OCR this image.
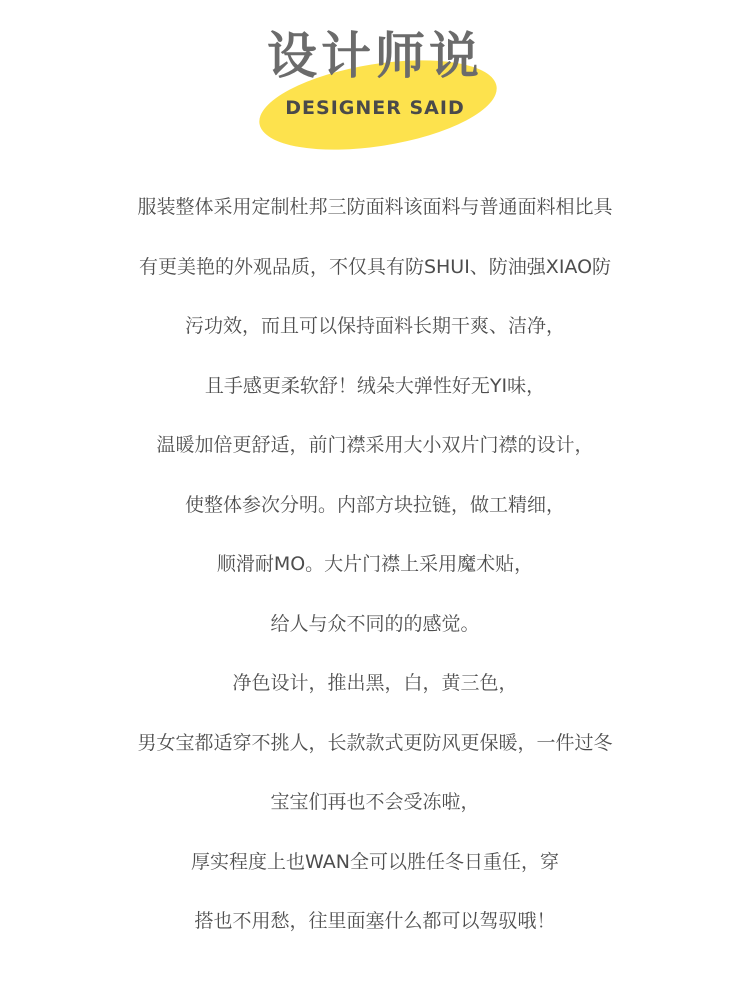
设计师说
DESIGNER SAID
服装整体采用定制杜邦三防面料该面料与普通面料相比具
有更美艳的外观品质，不仅具有防SHUI、防油强XIAO防
污功效，而且可以保持面料长期干爽、洁净，
且手感更柔软舒！绒朵大弹性好无YI味，
温暖加倍更舒适，前门襟采用大小双片门襟的设计，
使整体参次分明。内部方块拉链，做工精细，
顺滑耐MO。大片门襟上采用魔术贴，
给人与众不同的的感觉。
净色设计，推出黑，白，黄三色，
男女宝都适穿不挑人，长款款式更防风更保暖，一件过冬
宝宝们再也不会受冻啦，
厚实程度上也WAN全可以胜任冬日重任，穿
搭也不用愁，往里面塞什么都可以驾驭哦！
